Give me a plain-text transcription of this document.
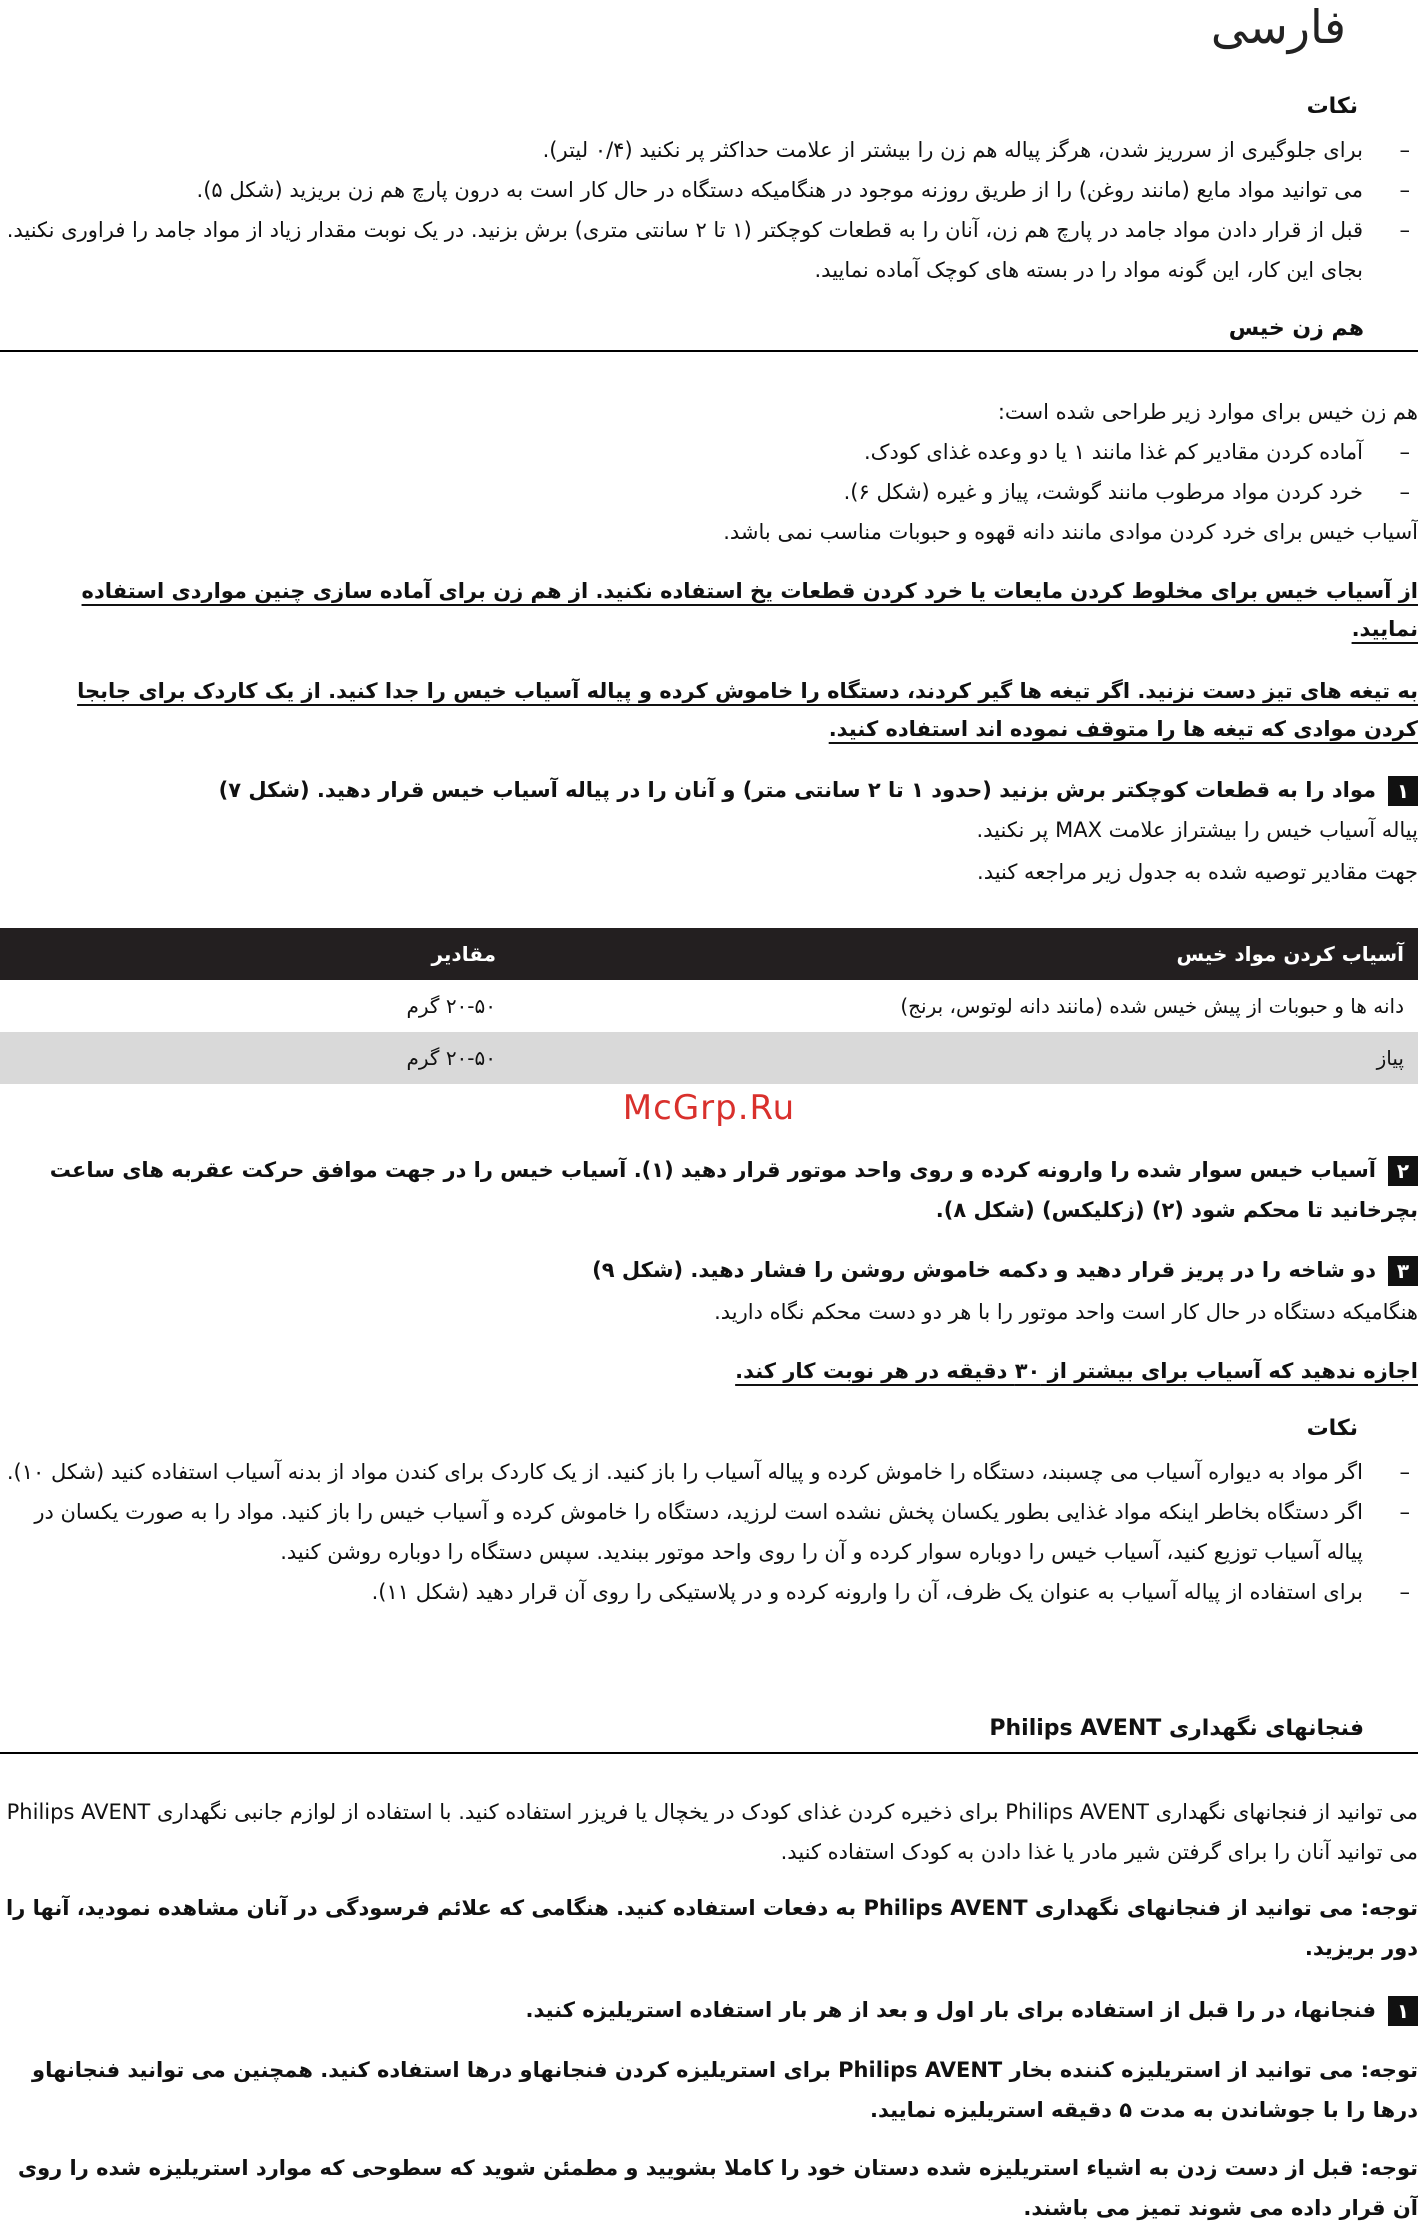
فارسی
نکات
– برای جلوگیری از سرریز شدن، هرگز پیاله هم زن را بیشتر از علامت حداکثر پر نکنید (۰/۴ لیتر).
– می توانید مواد مایع (مانند روغن) را از طریق روزنه موجود در هنگامیکه دستگاه در حال کار است به درون پارچ هم زن بریزید (شکل ۵).
– قبل از قرار دادن مواد جامد در پارچ هم زن، آنان را به قطعات کوچکتر (۱ تا ۲ سانتی متری) برش بزنید. در یک نوبت مقدار زیاد از مواد جامد را فراوری نکنید. بجای این کار، این گونه مواد را در بسته های کوچک آماده نمایید.
هم زن خیس
هم زن خیس برای موارد زیر طراحی شده است:
– آماده کردن مقادیر کم غذا مانند ۱ یا دو وعده غذای کودک.
– خرد کردن مواد مرطوب مانند گوشت، پیاز و غیره (شکل ۶).
آسیاب خیس برای خرد کردن موادی مانند دانه قهوه و حبوبات مناسب نمی باشد.
از آسیاب خیس برای مخلوط کردن مایعات یا خرد کردن قطعات یخ استفاده نکنید. از هم زن برای آماده سازی چنین مواردی استفاده نمایید.
به تیغه های تیز دست نزنید. اگر تیغه ها گیر کردند، دستگاه را خاموش کرده و پیاله آسیاب خیس را جدا کنید. از یک کاردک برای جابجا کردن موادی که تیغه ها را متوقف نموده اند استفاده کنید.
۱مواد را به قطعات کوچکتر برش بزنید (حدود ۱ تا ۲ سانتی متر) و آنان را در پیاله آسیاب خیس قرار دهید. (شکل ۷)
پیاله آسیاب خیس را بیشتراز علامت MAX پر نکنید.
جهت مقادیر توصیه شده به جدول زیر مراجعه کنید.
آسیاب کردن مواد خیس	مقادیر
دانه ها و حبوبات از پیش خیس شده (مانند دانه لوتوس، برنج)	۲۰-۵۰ گرم
پیاز	۲۰-۵۰ گرم
McGrp.Ru
۲آسیاب خیس سوار شده را وارونه کرده و روی واحد موتور قرار دهید (۱). آسیاب خیس را در جهت موافق حرکت عقربه های ساعت بچرخانید تا محکم شود (۲) (زکلیکس) (شکل ۸).
۳دو شاخه را در پریز قرار دهید و دکمه خاموش روشن را فشار دهید. (شکل ۹)
هنگامیکه دستگاه در حال کار است واحد موتور را با هر دو دست محکم نگاه دارید.
اجازه ندهید که آسیاب برای بیشتر از ۳۰ دقیقه در هر نوبت کار کند.
نکات
– اگر مواد به دیواره آسیاب می چسبند، دستگاه را خاموش کرده و پیاله آسیاب را باز کنید. از یک کاردک برای کندن مواد از بدنه آسیاب استفاده کنید (شکل ۱۰).
– اگر دستگاه بخاطر اینکه مواد غذایی بطور یکسان پخش نشده است لرزید، دستگاه را خاموش کرده و آسیاب خیس را باز کنید. مواد را به صورت یکسان در پیاله آسیاب توزیع کنید، آسیاب خیس را دوباره سوار کرده و آن را روی واحد موتور ببندید. سپس دستگاه را دوباره روشن کنید.
– برای استفاده از پیاله آسیاب به عنوان یک ظرف، آن را وارونه کرده و در پلاستیکی را روی آن قرار دهید (شکل ۱۱).
فنجانهای نگهداری Philips AVENT
می توانید از فنجانهای نگهداری Philips AVENT برای ذخیره کردن غذای کودک در یخچال یا فریزر استفاده کنید. با استفاده از لوازم جانبی نگهداری Philips AVENT می توانید آنان را برای گرفتن شیر مادر یا غذا دادن به کودک استفاده کنید.
توجه: می توانید از فنجانهای نگهداری Philips AVENT به دفعات استفاده کنید. هنگامی که علائم فرسودگی در آنان مشاهده نمودید، آنها را دور بریزید.
۱فنجانها، در را قبل از استفاده برای بار اول و بعد از هر بار استفاده استریلیزه کنید.
توجه: می توانید از استریلیزه کننده بخار Philips AVENT برای استریلیزه کردن فنجانهاو درها استفاده کنید. همچنین می توانید فنجانهاو درها را با جوشاندن به مدت ۵ دقیقه استریلیزه نمایید.
توجه: قبل از دست زدن به اشیاء استریلیزه شده دستان خود را کاملا بشویید و مطمئن شوید که سطوحی که موارد استریلیزه شده را روی آن قرار داده می شوند تمیز می باشند.
